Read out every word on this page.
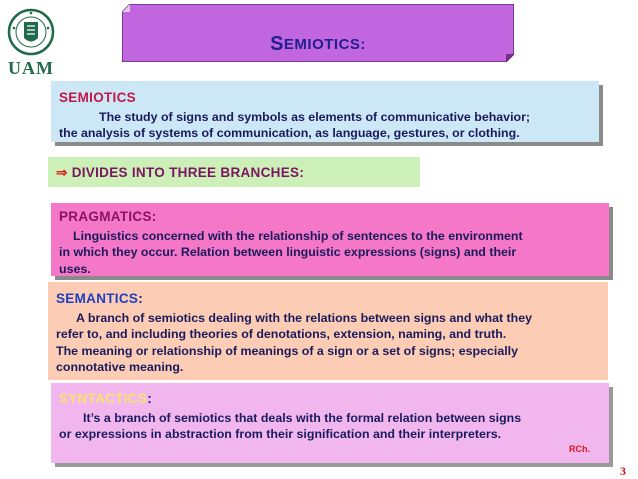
UAM
S EMIOTICS :
SEMIOTICS
The study of signs and symbols as elements of communicative behavior;
the analysis of systems of communication, as language, gestures, or clothing.
⇒ DIVIDES INTO THREE BRANCHES:
PRAGMATICS:
Linguistics concerned with the relationship of sentences to the environment
in which they occur. Relation between linguistic expressions (signs) and their
uses.
SEMANTICS:
A branch of semiotics dealing with the relations between signs and what they
refer to, and including theories of denotations, extension, naming, and truth.
The meaning or relationship of meanings of a sign or a set of signs; especially
connotative meaning.
SYNTACTICS:
It’s a branch of semiotics that deals with the formal relation between signs
or expressions in abstraction from their signification and their interpreters.
RCh.
3
